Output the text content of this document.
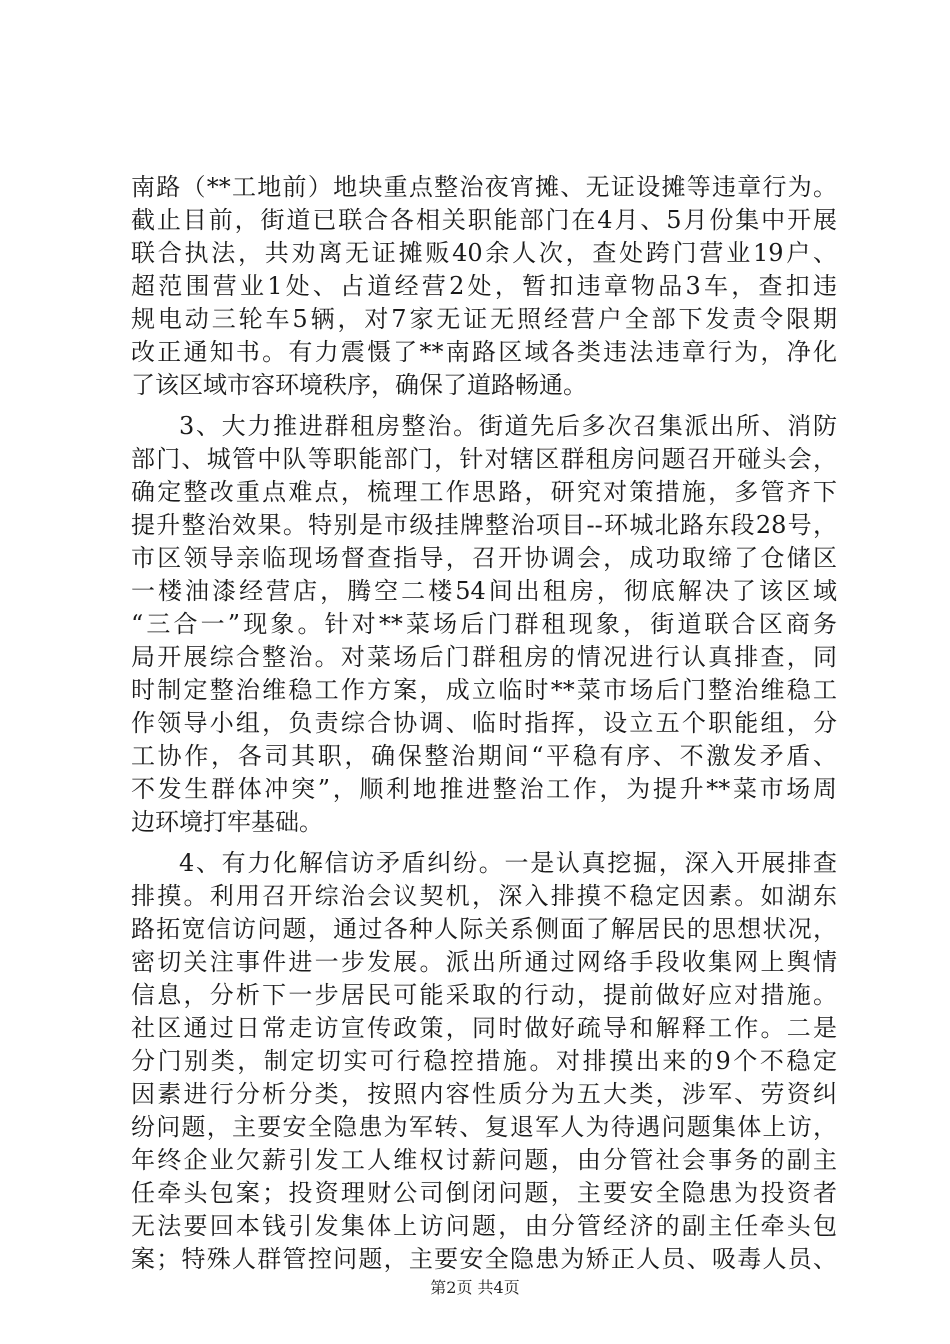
南路（**工地前）地块重点整治夜宵摊、无证设摊等违章行为。
截止目前，街道已联合各相关职能部门在4月、5月份集中开展
联合执法，共劝离无证摊贩40余人次，查处跨门营业19户、
超范围营业1处、占道经营2处，暂扣违章物品3车，查扣违
规电动三轮车5辆，对7家无证无照经营户全部下发责令限期
改正通知书。有力震慑了**南路区域各类违法违章行为，净化
了该区域市容环境秩序，确保了道路畅通。
3、大力推进群租房整治。街道先后多次召集派出所、消防
部门、城管中队等职能部门，针对辖区群租房问题召开碰头会，
确定整改重点难点，梳理工作思路，研究对策措施，多管齐下
提升整治效果。特别是市级挂牌整治项目--环城北路东段28号，
市区领导亲临现场督查指导，召开协调会，成功取缔了仓储区
一楼油漆经营店，腾空二楼54间出租房，彻底解决了该区域
“三合一”现象。针对**菜场后门群租现象，街道联合区商务
局开展综合整治。对菜场后门群租房的情况进行认真排查，同
时制定整治维稳工作方案，成立临时**菜市场后门整治维稳工
作领导小组，负责综合协调、临时指挥，设立五个职能组，分
工协作，各司其职，确保整治期间“平稳有序、不激发矛盾、
不发生群体冲突”，顺利地推进整治工作，为提升**菜市场周
边环境打牢基础。
4、有力化解信访矛盾纠纷。一是认真挖掘，深入开展排查
排摸。利用召开综治会议契机，深入排摸不稳定因素。如湖东
路拓宽信访问题，通过各种人际关系侧面了解居民的思想状况，
密切关注事件进一步发展。派出所通过网络手段收集网上舆情
信息，分析下一步居民可能采取的行动，提前做好应对措施。
社区通过日常走访宣传政策，同时做好疏导和解释工作。二是
分门别类，制定切实可行稳控措施。对排摸出来的9个不稳定
因素进行分析分类，按照内容性质分为五大类，涉军、劳资纠
纷问题，主要安全隐患为军转、复退军人为待遇问题集体上访，
年终企业欠薪引发工人维权讨薪问题，由分管社会事务的副主
任牵头包案；投资理财公司倒闭问题，主要安全隐患为投资者
无法要回本钱引发集体上访问题，由分管经济的副主任牵头包
案；特殊人群管控问题，主要安全隐患为矫正人员、吸毒人员、
第2页 共4页
